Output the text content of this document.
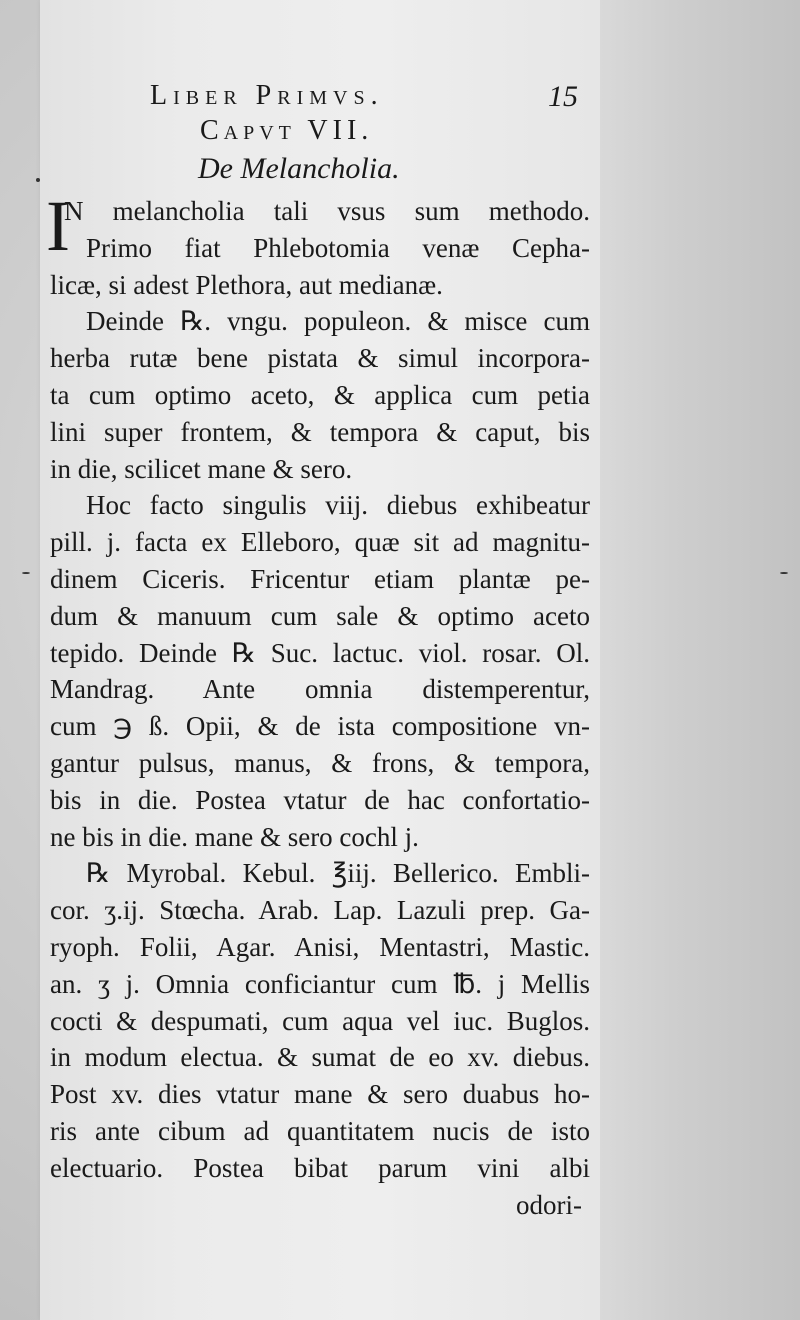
Liber Primvs.	15
Capvt VII.
De Melancholia.
I
N melancholia tali vsus sum methodo.
Primo fiat Phlebotomia venæ Cepha-
licæ, si adest Plethora, aut medianæ.
Deinde ℞. vngu. populeon. & misce cum
herba rutæ bene pistata & simul incorpora-
ta cum optimo aceto, & applica cum petia
lini super frontem, & tempora & caput, bis
in die, scilicet mane & sero.
Hoc facto singulis viij. diebus exhibeatur
pill. j. facta ex Elleboro, quæ sit ad magnitu-
dinem Ciceris. Fricentur etiam plantæ pe-
dum & manuum cum sale & optimo aceto
tepido. Deinde ℞ Suc. lactuc. viol. rosar. Ol.
Mandrag. Ante omnia distemperentur,
cum ℈ ß. Opii, & de ista compositione vn-
gantur pulsus, manus, & frons, & tempora,
bis in die. Postea vtatur de hac confortatio-
ne bis in die. mane & sero cochl j.
℞ Myrobal. Kebul. ℥iij. Bellerico. Embli-
cor. ʒ.ij. Stœcha. Arab. Lap. Lazuli prep. Ga-
ryoph. Folii, Agar. Anisi, Mentastri, Mastic.
an. ʒ j. Omnia conficiantur cum ℔. j Mellis
cocti & despumati, cum aqua vel iuc. Buglos.
in modum electua. & sumat de eo xv. diebus.
Post xv. dies vtatur mane & sero duabus ho-
ris ante cibum ad quantitatem nucis de isto
electuario. Postea bibat parum vini albi
odori-
